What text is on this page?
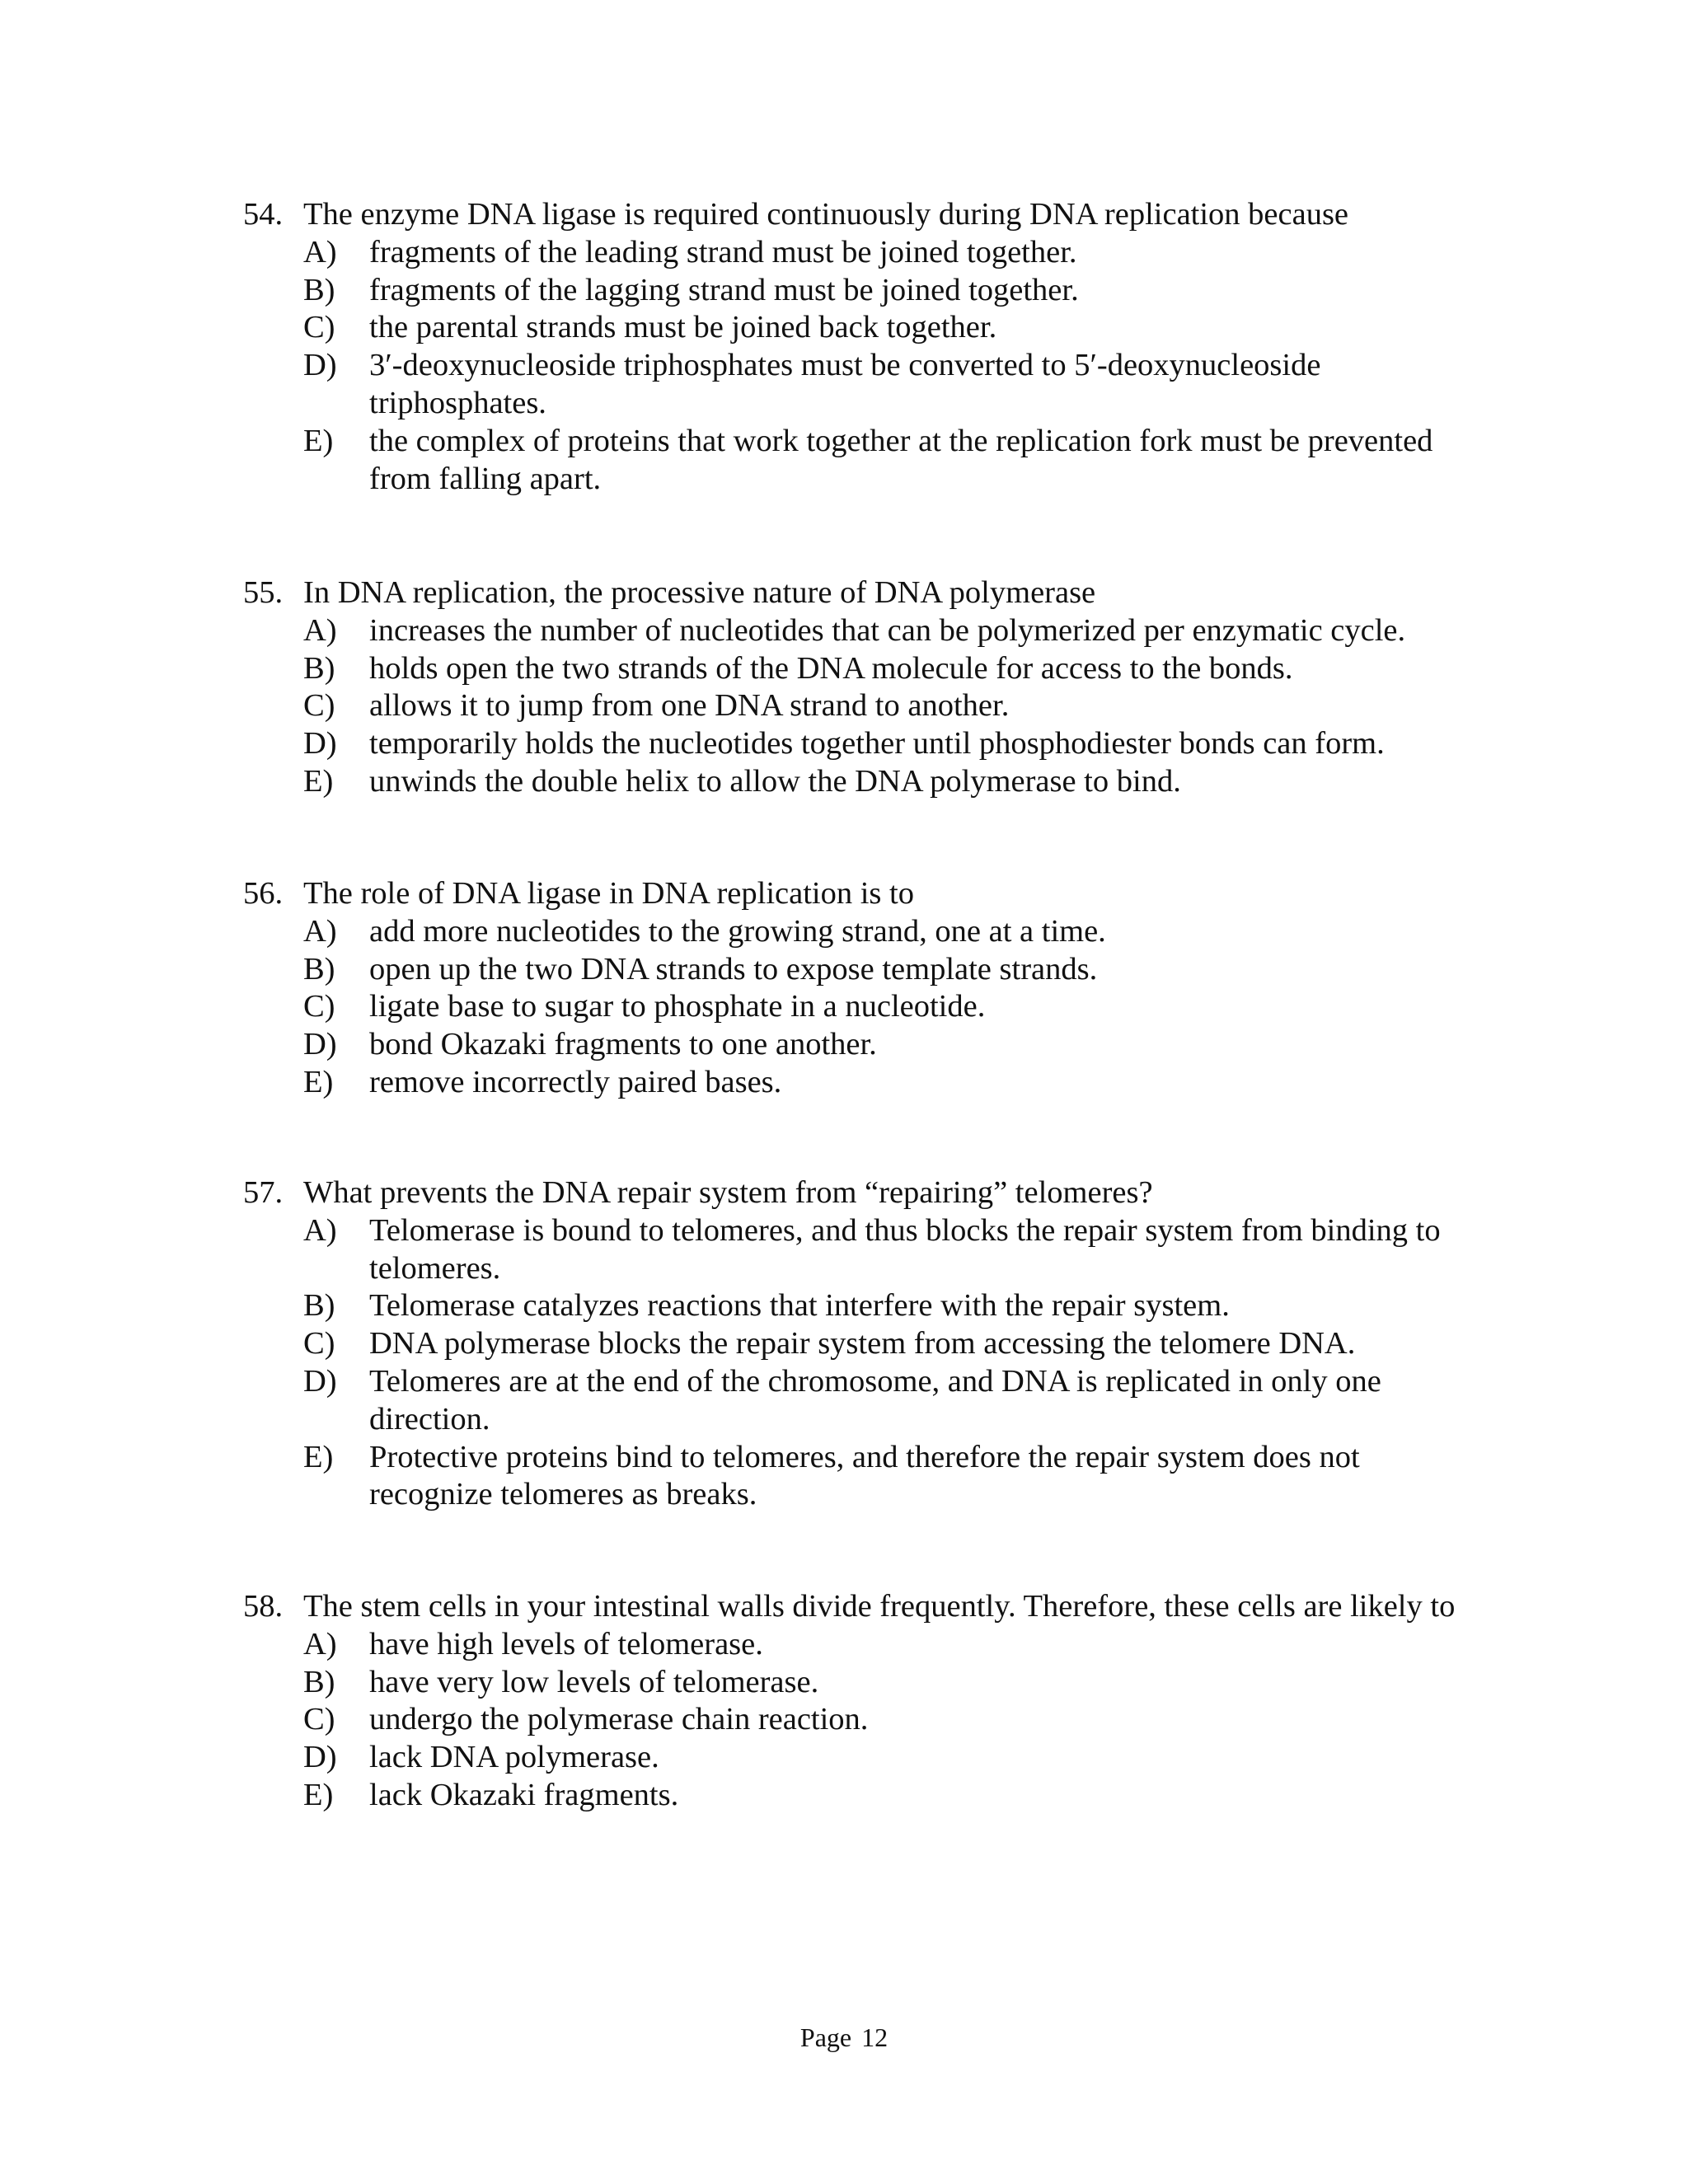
54. The enzyme DNA ligase is required continuously during DNA replication because
A)	fragments of the leading strand must be joined together.
B)	fragments of the lagging strand must be joined together.
C)	the parental strands must be joined back together.
D)	3′-deoxynucleoside triphosphates must be converted to 5′-deoxynucleoside triphosphates.
E)	the complex of proteins that work together at the replication fork must be prevented from falling apart.
55. In DNA replication, the processive nature of DNA polymerase
A)	increases the number of nucleotides that can be polymerized per enzymatic cycle.
B)	holds open the two strands of the DNA molecule for access to the bonds.
C)	allows it to jump from one DNA strand to another.
D)	temporarily holds the nucleotides together until phosphodiester bonds can form.
E)	unwinds the double helix to allow the DNA polymerase to bind.
56. The role of DNA ligase in DNA replication is to
A)	add more nucleotides to the growing strand, one at a time.
B)	open up the two DNA strands to expose template strands.
C)	ligate base to sugar to phosphate in a nucleotide.
D)	bond Okazaki fragments to one another.
E)	remove incorrectly paired bases.
57. What prevents the DNA repair system from “repairing” telomeres?
A)	Telomerase is bound to telomeres, and thus blocks the repair system from binding to telomeres.
B)	Telomerase catalyzes reactions that interfere with the repair system.
C)	DNA polymerase blocks the repair system from accessing the telomere DNA.
D)	Telomeres are at the end of the chromosome, and DNA is replicated in only one direction.
E)	Protective proteins bind to telomeres, and therefore the repair system does not recognize telomeres as breaks.
58. The stem cells in your intestinal walls divide frequently. Therefore, these cells are likely to
A)	have high levels of telomerase.
B)	have very low levels of telomerase.
C)	undergo the polymerase chain reaction.
D)	lack DNA polymerase.
E)	lack Okazaki fragments.
Page 12
